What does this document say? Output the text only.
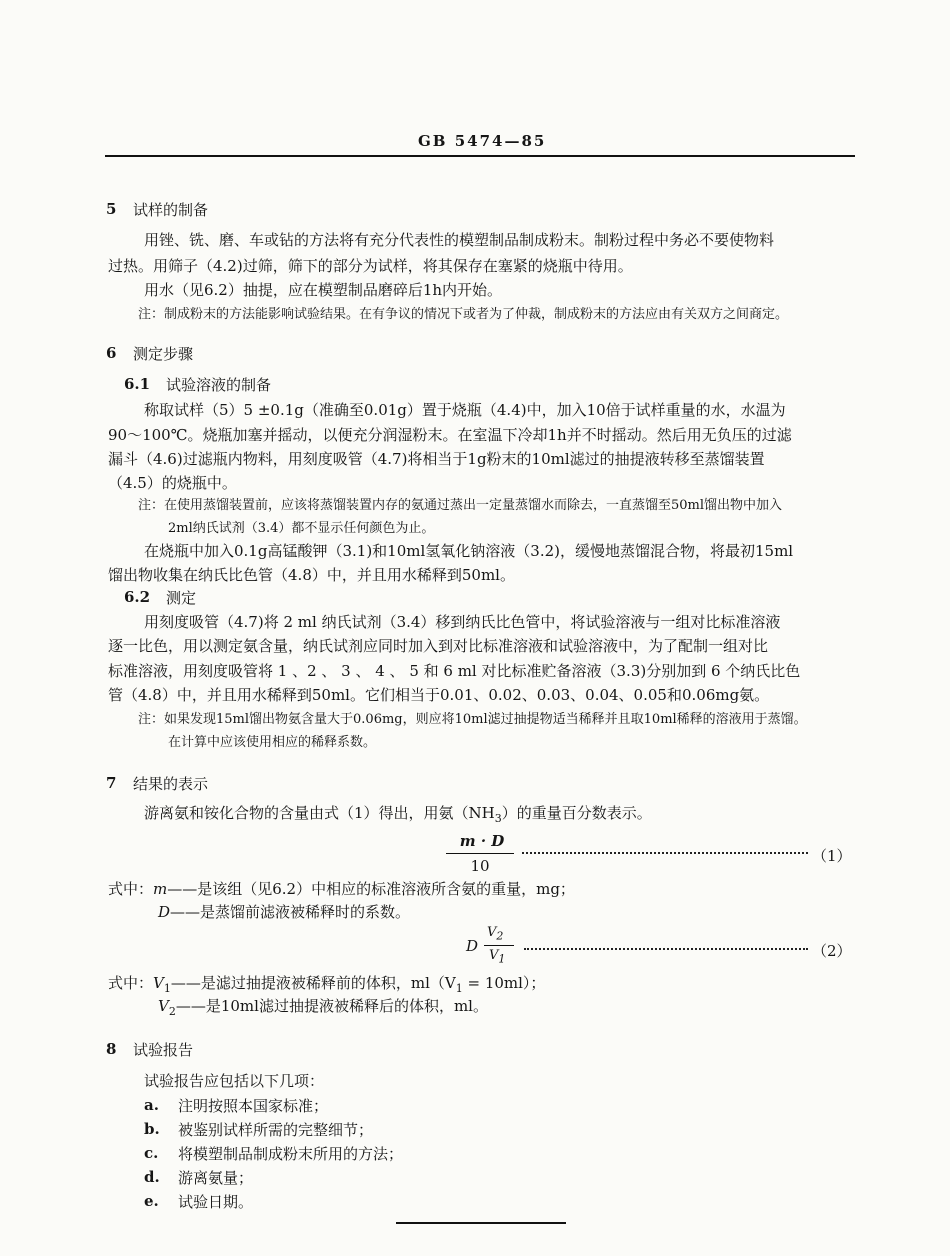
GB 5474—85
5 试样的制备
用锉、铣、磨、车或钻的方法将有充分代表性的模塑制品制成粉末。制粉过程中务必不要使物料
过热。用筛子（4.2)过筛，筛下的部分为试样，将其保存在塞紧的烧瓶中待用。
用水（见6.2）抽提，应在模塑制品磨碎后1h内开始。
注：制成粉末的方法能影响试验结果。在有争议的情况下或者为了仲裁，制成粉末的方法应由有关双方之间商定。
6 测定步骤
6.1 试验溶液的制备
称取试样（5）5 ±0.1g（准确至0.01g）置于烧瓶（4.4)中，加入10倍于试样重量的水，水温为
90～100℃。烧瓶加塞并摇动，以便充分润湿粉末。在室温下冷却1h并不时摇动。然后用无负压的过滤
漏斗（4.6)过滤瓶内物料，用刻度吸管（4.7)将相当于1g粉末的10ml滤过的抽提液转移至蒸馏装置
（4.5）的烧瓶中。
注：在使用蒸馏装置前，应该将蒸馏装置内存的氨通过蒸出一定量蒸馏水而除去，一直蒸馏至50ml馏出物中加入
2ml纳氏试剂（3.4）都不显示任何颜色为止。
在烧瓶中加入0.1g高锰酸钾（3.1)和10ml氢氧化钠溶液（3.2)，缓慢地蒸馏混合物，将最初15ml
馏出物收集在纳氏比色管（4.8）中，并且用水稀释到50ml。
6.2 测定
用刻度吸管（4.7)将 2 ml 纳氏试剂（3.4）移到纳氏比色管中，将试验溶液与一组对比标准溶液
逐一比色，用以测定氨含量，纳氏试剂应同时加入到对比标准溶液和试验溶液中，为了配制一组对比
标准溶液，用刻度吸管将 1 、2 、 3 、 4 、 5 和 6 ml 对比标准贮备溶液（3.3)分别加到 6 个纳氏比色
管（4.8）中，并且用水稀释到50ml。它们相当于0.01、0.02、0.03、0.04、0.05和0.06mg氨。
注：如果发现15ml馏出物氨含量大于0.06mg，则应将10ml滤过抽提物适当稀释并且取10ml稀释的溶液用于蒸馏。
在计算中应该使用相应的稀释系数。
7 结果的表示
游离氨和铵化合物的含量由式（1）得出，用氨$(NH_3)$的重量百分数表示。
m · D
10
（1）
式中：m——是该组（见6.2）中相应的标准溶液所含氨的重量，mg；
D——是蒸馏前滤液被稀释时的系数。
D
$V_2$
$V_1$	（2）
式中：$V_1——$是滤过抽提液被稀释前的体积，$ml(V_1 = 10ml)$；
$V_2——$是10ml滤过抽提液被稀释后的体积，ml。
8 试验报告
试验报告应包括以下几项：
a. 注明按照本国家标准；
b. 被鉴别试样所需的完整细节；
c. 将模塑制品制成粉末所用的方法；
d. 游离氨量；
e. 试验日期。
